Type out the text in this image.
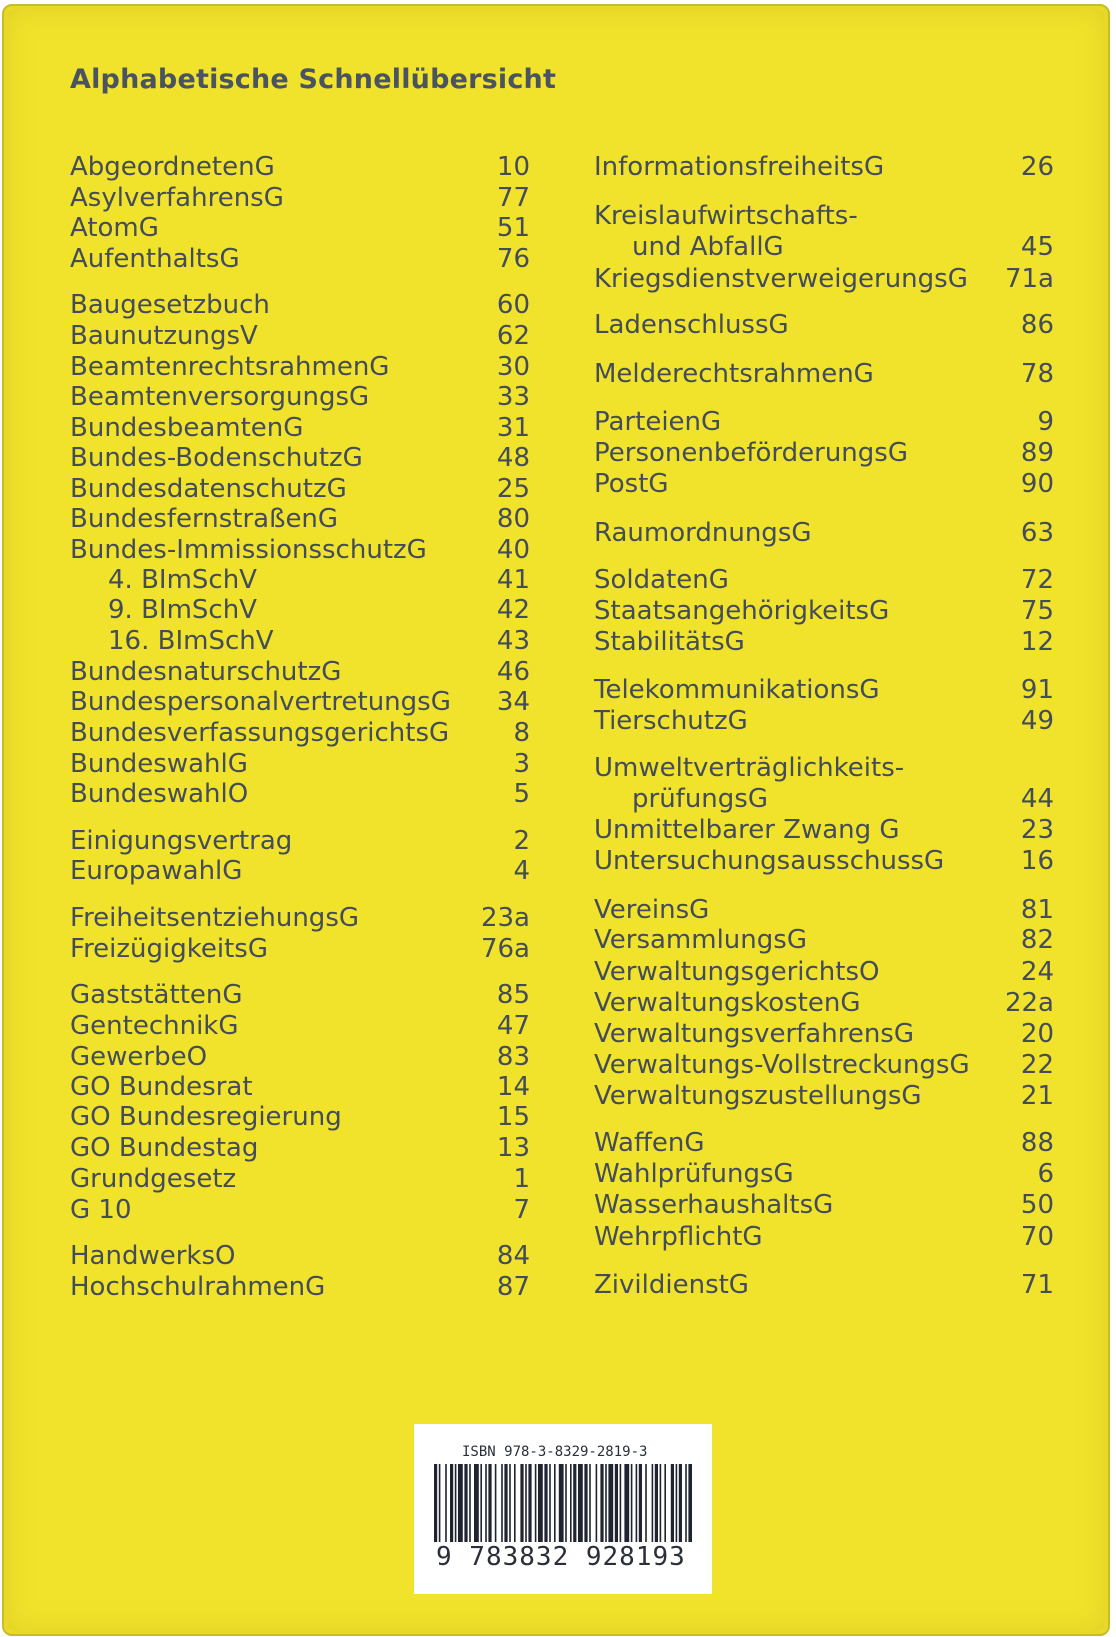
Alphabetische Schnellübersicht
AbgeordnetenG	10
AsylverfahrensG	77
AtomG	51
AufenthaltsG	76
Baugesetzbuch	60
BaunutzungsV	62
BeamtenrechtsrahmenG	30
BeamtenversorgungsG	33
BundesbeamtenG	31
Bundes-BodenschutzG	48
BundesdatenschutzG	25
BundesfernstraßenG	80
Bundes-ImmissionsschutzG	40
4. BImSchV	41
9. BImSchV	42
16. BImSchV	43
BundesnaturschutzG	46
BundespersonalvertretungsG 34
BundesverfassungsgerichtsG 8
BundeswahlG	3
BundeswahlO	5
Einigungsvertrag	2
EuropawahlG	4
FreiheitsentziehungsG	23a
FreizügigkeitsG	76a
GaststättenG	85
GentechnikG	47
GewerbeO	83
GO Bundesrat	14
GO Bundesregierung	15
GO Bundestag	13
Grundgesetz	1
G 10	7
HandwerksO	84
HochschulrahmenG	87
InformationsfreiheitsG	26
Kreislaufwirtschafts-
und AbfallG	45
KriegsdienstverweigerungsG 71a
LadenschlussG	86
MelderechtsrahmenG	78
ParteienG	9
PersonenbeförderungsG	89
PostG	90
RaumordnungsG	63
SoldatenG	72
StaatsangehörigkeitsG	75
StabilitätsG	12
TelekommunikationsG	91
TierschutzG	49
Umweltverträglichkeits-
prüfungsG	44
Unmittelbarer Zwang G	23
UntersuchungsausschussG	16
VereinsG	81
VersammlungsG	82
VerwaltungsgerichtsO	24
VerwaltungskostenG	22a
VerwaltungsverfahrensG	20
Verwaltungs-VollstreckungsG 22
VerwaltungszustellungsG	21
WaffenG	88
WahlprüfungsG	6
WasserhaushaltsG	50
WehrpflichtG	70
ZivildienstG	71
ISBN 978-3-8329-2819-3
9 783832 928193
